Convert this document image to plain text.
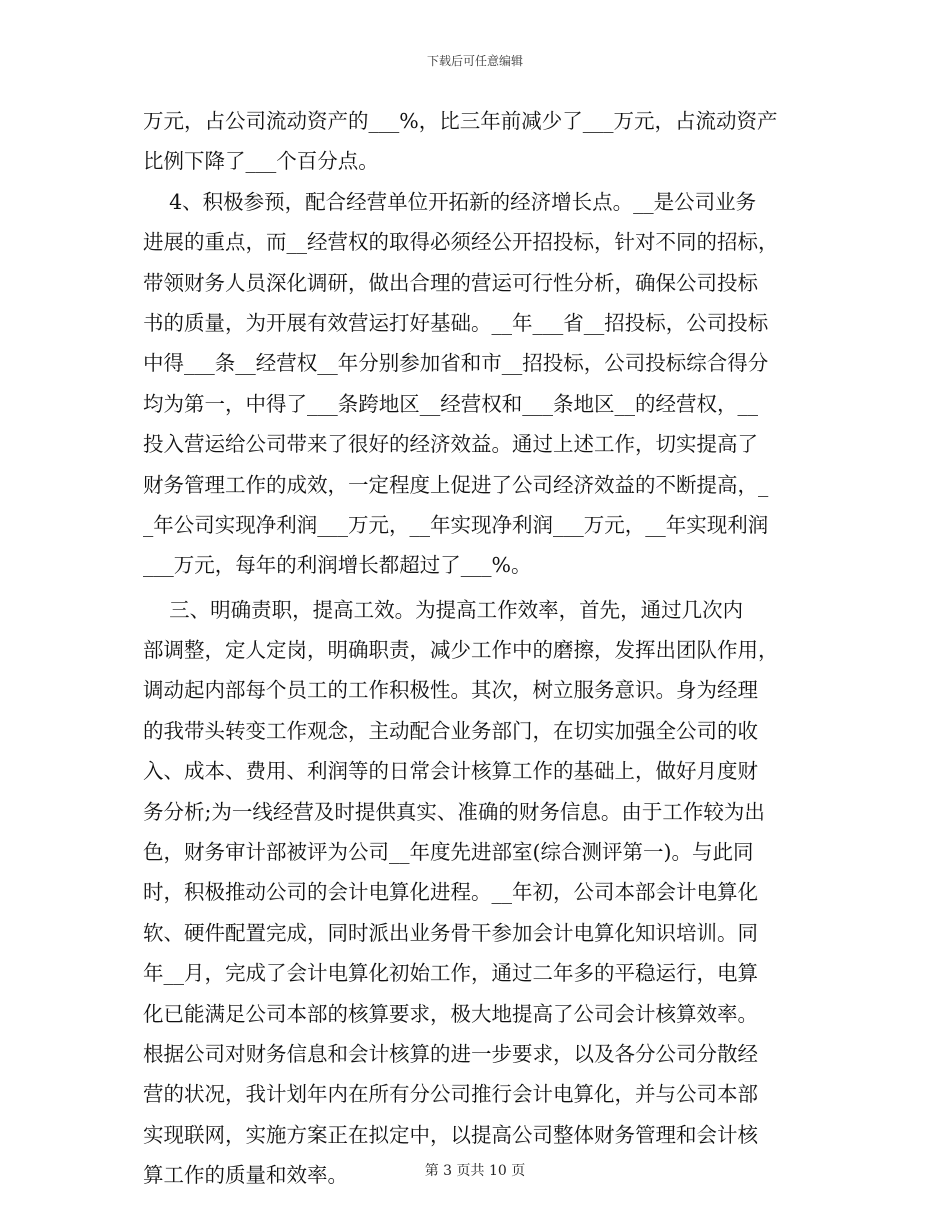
下载后可任意编辑
万元，占公司流动资产的___%，比三年前减少了___万元，占流动资产
比例下降了___个百分点。
4、积极参预，配合经营单位开拓新的经济增长点。__是公司业务
进展的重点，而__经营权的取得必须经公开招投标，针对不同的招标，
带领财务人员深化调研，做出合理的营运可行性分析，确保公司投标
书的质量，为开展有效营运打好基础。__年___省__招投标，公司投标
中得___条__经营权__年分别参加省和市__招投标，公司投标综合得分
均为第一，中得了___条跨地区__经营权和___条地区__的经营权，__
投入营运给公司带来了很好的经济效益。通过上述工作，切实提高了
财务管理工作的成效，一定程度上促进了公司经济效益的不断提高，_
_年公司实现净利润___万元，__年实现净利润___万元，__年实现利润
___万元，每年的利润增长都超过了___%。
三、明确责职，提高工效。为提高工作效率，首先，通过几次内
部调整，定人定岗，明确职责，减少工作中的磨擦，发挥出团队作用，
调动起内部每个员工的工作积极性。其次，树立服务意识。身为经理
的我带头转变工作观念，主动配合业务部门，在切实加强全公司的收
入、成本、费用、利润等的日常会计核算工作的基础上，做好月度财
务分析;为一线经营及时提供真实、准确的财务信息。由于工作较为出
色，财务审计部被评为公司__年度先进部室(综合测评第一)。与此同
时，积极推动公司的会计电算化进程。__年初，公司本部会计电算化
软、硬件配置完成，同时派出业务骨干参加会计电算化知识培训。同
年__月，完成了会计电算化初始工作，通过二年多的平稳运行，电算
化已能满足公司本部的核算要求，极大地提高了公司会计核算效率。
根据公司对财务信息和会计核算的进一步要求，以及各分公司分散经
营的状况，我计划年内在所有分公司推行会计电算化，并与公司本部
实现联网，实施方案正在拟定中，以提高公司整体财务管理和会计核
算工作的质量和效率。	第 3 页共 10 页
